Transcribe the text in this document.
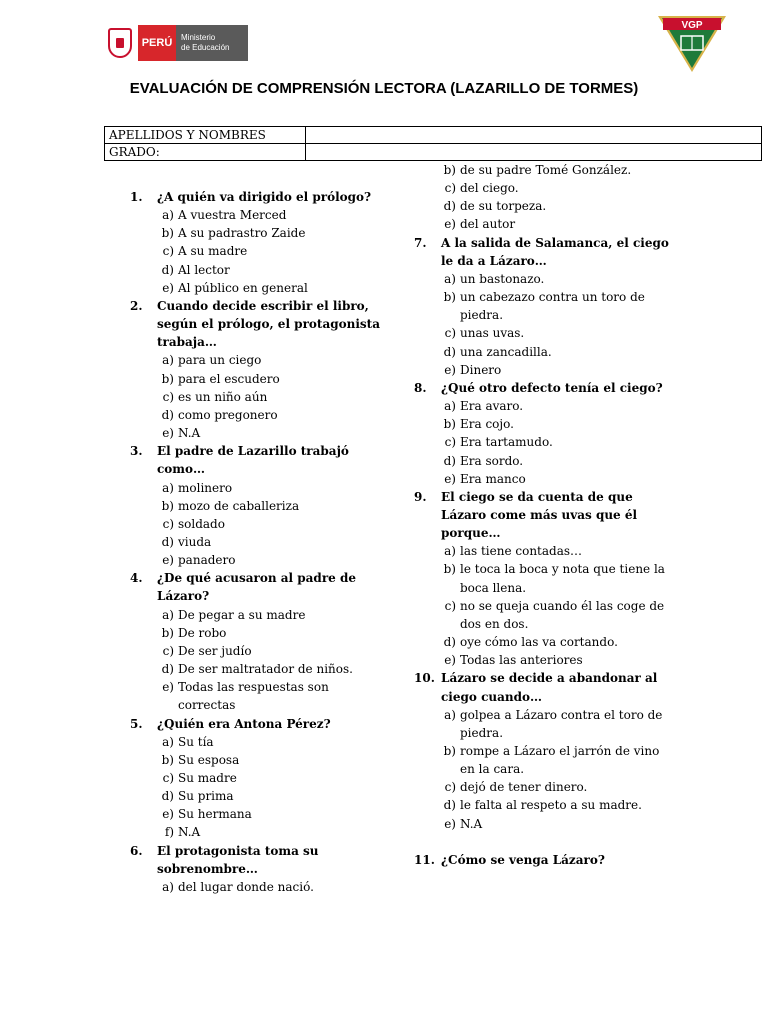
PERÚ	Ministerio
de Educación
VGP
EVALUACIÓN DE COMPRENSIÓN LECTORA (LAZARILLO DE TORMES)
APELLIDOS Y NOMBRES	
GRADO:	
1.	¿A quién va dirigido el prólogo?
a) A vuestra Merced
b) A su padrastro Zaide
c) A su madre
d) Al lector
e) Al público en general
2.	Cuando decide escribir el libro, según el prólogo, el protagonista trabaja…
a) para un ciego
b) para el escudero
c) es un niño aún
d) como pregonero
e) N.A
3.	El padre de Lazarillo trabajó como…
a) molinero
b) mozo de caballeriza
c) soldado
d) viuda
e) panadero
4.	¿De qué acusaron al padre de Lázaro?
a) De pegar a su madre
b) De robo
c) De ser judío
d) De ser maltratador de niños.
e) Todas las respuestas son correctas
5.	¿Quién era Antona Pérez?
a) Su tía
b) Su esposa
c) Su madre
d) Su prima
e) Su hermana
f) N.A
6.	El protagonista toma su sobrenombre…
a) del lugar donde nació.
b) de su padre Tomé González.
c) del ciego.
d) de su torpeza.
e) del autor
7.	A la salida de Salamanca, el ciego le da a Lázaro…
a) un bastonazo.
b) un cabezazo contra un toro de piedra.
c) unas uvas.
d) una zancadilla.
e) Dinero
8.	¿Qué otro defecto tenía el ciego?
a) Era avaro.
b) Era cojo.
c) Era tartamudo.
d) Era sordo.
e) Era manco
9.	El ciego se da cuenta de que Lázaro come más uvas que él porque…
a) las tiene contadas…
b) le toca la boca y nota que tiene la boca llena.
c) no se queja cuando él las coge de dos en dos.
d) oye cómo las va cortando.
e) Todas las anteriores
10. Lázaro se decide a abandonar al ciego cuando…
a) golpea a Lázaro contra el toro de piedra.
b) rompe a Lázaro el jarrón de vino en la cara.
c) dejó de tener dinero.
d) le falta al respeto a su madre.
e) N.A
11. ¿Cómo se venga Lázaro?
